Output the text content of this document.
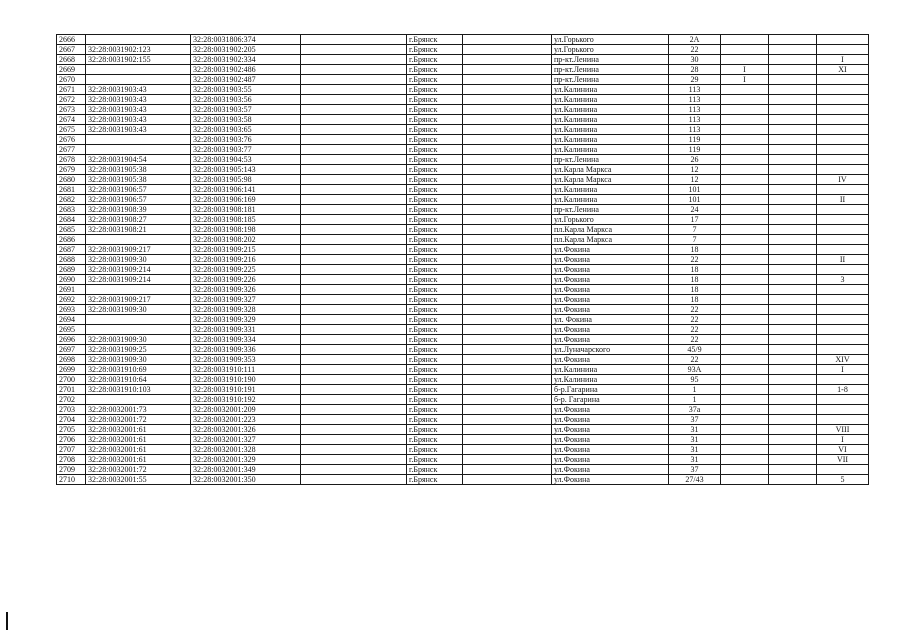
2666		32:28:0031806:374		г.Брянск		ул.Горького	2А			
2667	32:28:0031902:123	32:28:0031902:205		г.Брянск		ул.Горького	22			
2668	32:28:0031902:155	32:28:0031902:334		г.Брянск		пр-кт.Ленина	30			I
2669		32:28:0031902:486		г.Брянск		пр-кт.Ленина	28	I		XI
2670		32:28:0031902:487		г.Брянск		пр-кт.Ленина	29	I		
2671	32:28:0031903:43	32:28:0031903:55		г.Брянск		ул.Калинина	113			
2672	32:28:0031903:43	32:28:0031903:56		г.Брянск		ул.Калинина	113			
2673	32:28:0031903:43	32:28:0031903:57		г.Брянск		ул.Калинина	113			
2674	32:28:0031903:43	32:28:0031903:58		г.Брянск		ул.Калинина	113			
2675	32:28:0031903:43	32:28:0031903:65		г.Брянск		ул.Калинина	113			
2676		32:28:0031903:76		г.Брянск		ул.Калинина	119			
2677		32:28:0031903:77		г.Брянск		ул.Калинина	119			
2678	32:28:0031904:54	32:28:0031904:53		г.Брянск		пр-кт.Ленина	26			
2679	32:28:0031905:38	32:28:0031905:143		г.Брянск		ул.Карла Маркса	12			
2680	32:28:0031905:38	32:28:0031905:98		г.Брянск		ул.Карла Маркса	12			IV
2681	32:28:0031906:57	32:28:0031906:141		г.Брянск		ул.Калинина	101			
2682	32:28:0031906:57	32:28:0031906:169		г.Брянск		ул.Калинина	101			II
2683	32:28:0031908:39	32:28:0031908:181		г.Брянск		пр-кт.Ленина	24			
2684	32:28:0031908:27	32:28:0031908:185		г.Брянск		ул.Горького	17			
2685	32:28:0031908:21	32:28:0031908:198		г.Брянск		пл.Карла Маркса	7			
2686		32:28:0031908:202		г.Брянск		пл.Карла Маркса	7			
2687	32:28:0031909:217	32:28:0031909:215		г.Брянск		ул.Фокина	18			
2688	32:28:0031909:30	32:28:0031909:216		г.Брянск		ул.Фокина	22			II
2689	32:28:0031909:214	32:28:0031909:225		г.Брянск		ул.Фокина	18			
2690	32:28:0031909:214	32:28:0031909:226		г.Брянск		ул.Фокина	18			3
2691		32:28:0031909:326		г.Брянск		ул.Фокина	18			
2692	32:28:0031909:217	32:28:0031909:327		г.Брянск		ул.Фокина	18			
2693	32:28:0031909:30	32:28:0031909:328		г.Брянск		ул.Фокина	22			
2694		32:28:0031909:329		г.Брянск		ул. Фокина	22			
2695		32:28:0031909:331		г.Брянск		ул.Фокина	22			
2696	32:28:0031909:30	32:28:0031909:334		г.Брянск		ул.Фокина	22			
2697	32:28:0031909:25	32:28:0031909:336		г.Брянск		ул.Луначарского	45/9			
2698	32:28:0031909:30	32:28:0031909:353		г.Брянск		ул.Фокина	22			XIV
2699	32:28:0031910:69	32:28:0031910:111		г.Брянск		ул.Калинина	93А			I
2700	32:28:0031910:64	32:28:0031910:190		г.Брянск		ул.Калинина	95			
2701	32:28:0031910:103	32:28:0031910:191		г.Брянск		б-р.Гагарина	1			1-8
2702		32:28:0031910:192		г.Брянск		б-р. Гагарина	1			
2703	32:28:0032001:73	32:28:0032001:209		г.Брянск		ул.Фокина	37а			
2704	32:28:0032001:72	32:28:0032001:223		г.Брянск		ул.Фокина	37			
2705	32:28:0032001:61	32:28:0032001:326		г.Брянск		ул.Фокина	31			VIII
2706	32:28:0032001:61	32:28:0032001:327		г.Брянск		ул.Фокина	31			I
2707	32:28:0032001:61	32:28:0032001:328		г.Брянск		ул.Фокина	31			VI
2708	32:28:0032001:61	32:28:0032001:329		г.Брянск		ул.Фокина	31			VII
2709	32:28:0032001:72	32:28:0032001:349		г.Брянск		ул.Фокина	37			
2710	32:28:0032001:55	32:28:0032001:350		г.Брянск		ул.Фокина	27/43			5
